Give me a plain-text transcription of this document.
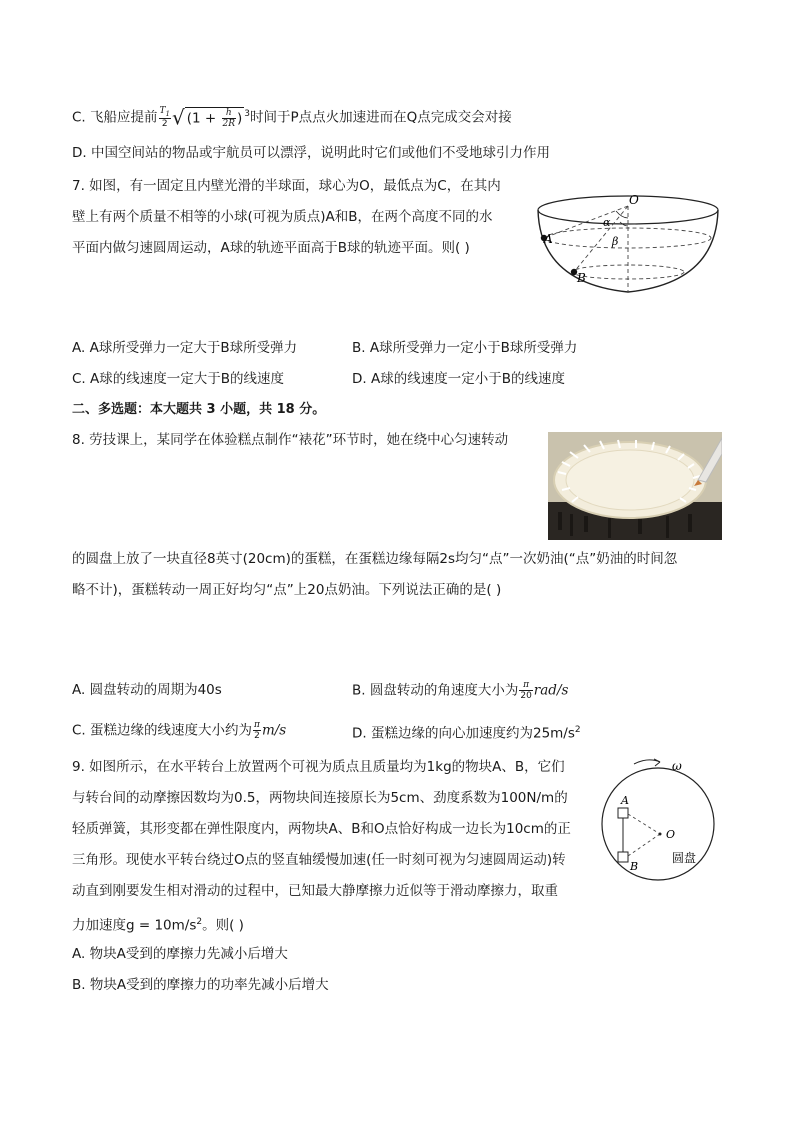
C. 飞船应提前 $\frac{T_1}{2}$ √ ($1 + \frac{h}{2R}$ ) $^3$时间于P点点火加速进而在Q点完成交会对接
D. 中国空间站的物品或宇航员可以漂浮，说明此时它们或他们不受地球引力作用
7. 如图，有一固定且内壁光滑的半球面，球心为O，最低点为C，在其内
壁上有两个质量不相等的小球(可视为质点)A和B，在两个高度不同的水
平面内做匀速圆周运动，A球的轨迹平面高于B球的轨迹平面。则( )
O
A
B
α
β
A. A球所受弹力一定大于B球所受弹力	B. A球所受弹力一定小于B球所受弹力
C. A球的线速度一定大于B的线速度	D. A球的线速度一定小于B的线速度
二、多选题：本大题共 3 小题，共 18 分。
8. 劳技课上，某同学在体验糕点制作“裱花”环节时，她在绕中心匀速转动
的圆盘上放了一块直径8英寸(20cm)的蛋糕，在蛋糕边缘每隔2s均匀“点”一次奶油(“点”奶油的时间忽
略不计)，蛋糕转动一周正好均匀“点”上20点奶油。下列说法正确的是( )
A. 圆盘转动的周期为40s	B. 圆盘转动的角速度大小为 $\frac{\pi}{20} rad/s$
C. 蛋糕边缘的线速度大小约为 $\frac{\pi}{2} m/s$	D. 蛋糕边缘的向心加速度约为$25m/s^2$
9. 如图所示，在水平转台上放置两个可视为质点且质量均为1kg的物块A、B，它们
与转台间的动摩擦因数均为0.5，两物块间连接原长为5cm、劲度系数为100N/m的
轻质弹簧，其形变都在弹性限度内，两物块A、B和O点恰好构成一边长为10cm的正
三角形。现使水平转台绕过O点的竖直轴缓慢加速(任一时刻可视为匀速圆周运动)转
动直到刚要发生相对滑动的过程中，已知最大静摩擦力近似等于滑动摩擦力，取重
力加速度$g = 10m/s^2$。则( )
ω
A
B
O
圆盘
A. 物块A受到的摩擦力先减小后增大
B. 物块A受到的摩擦力的功率先减小后增大
